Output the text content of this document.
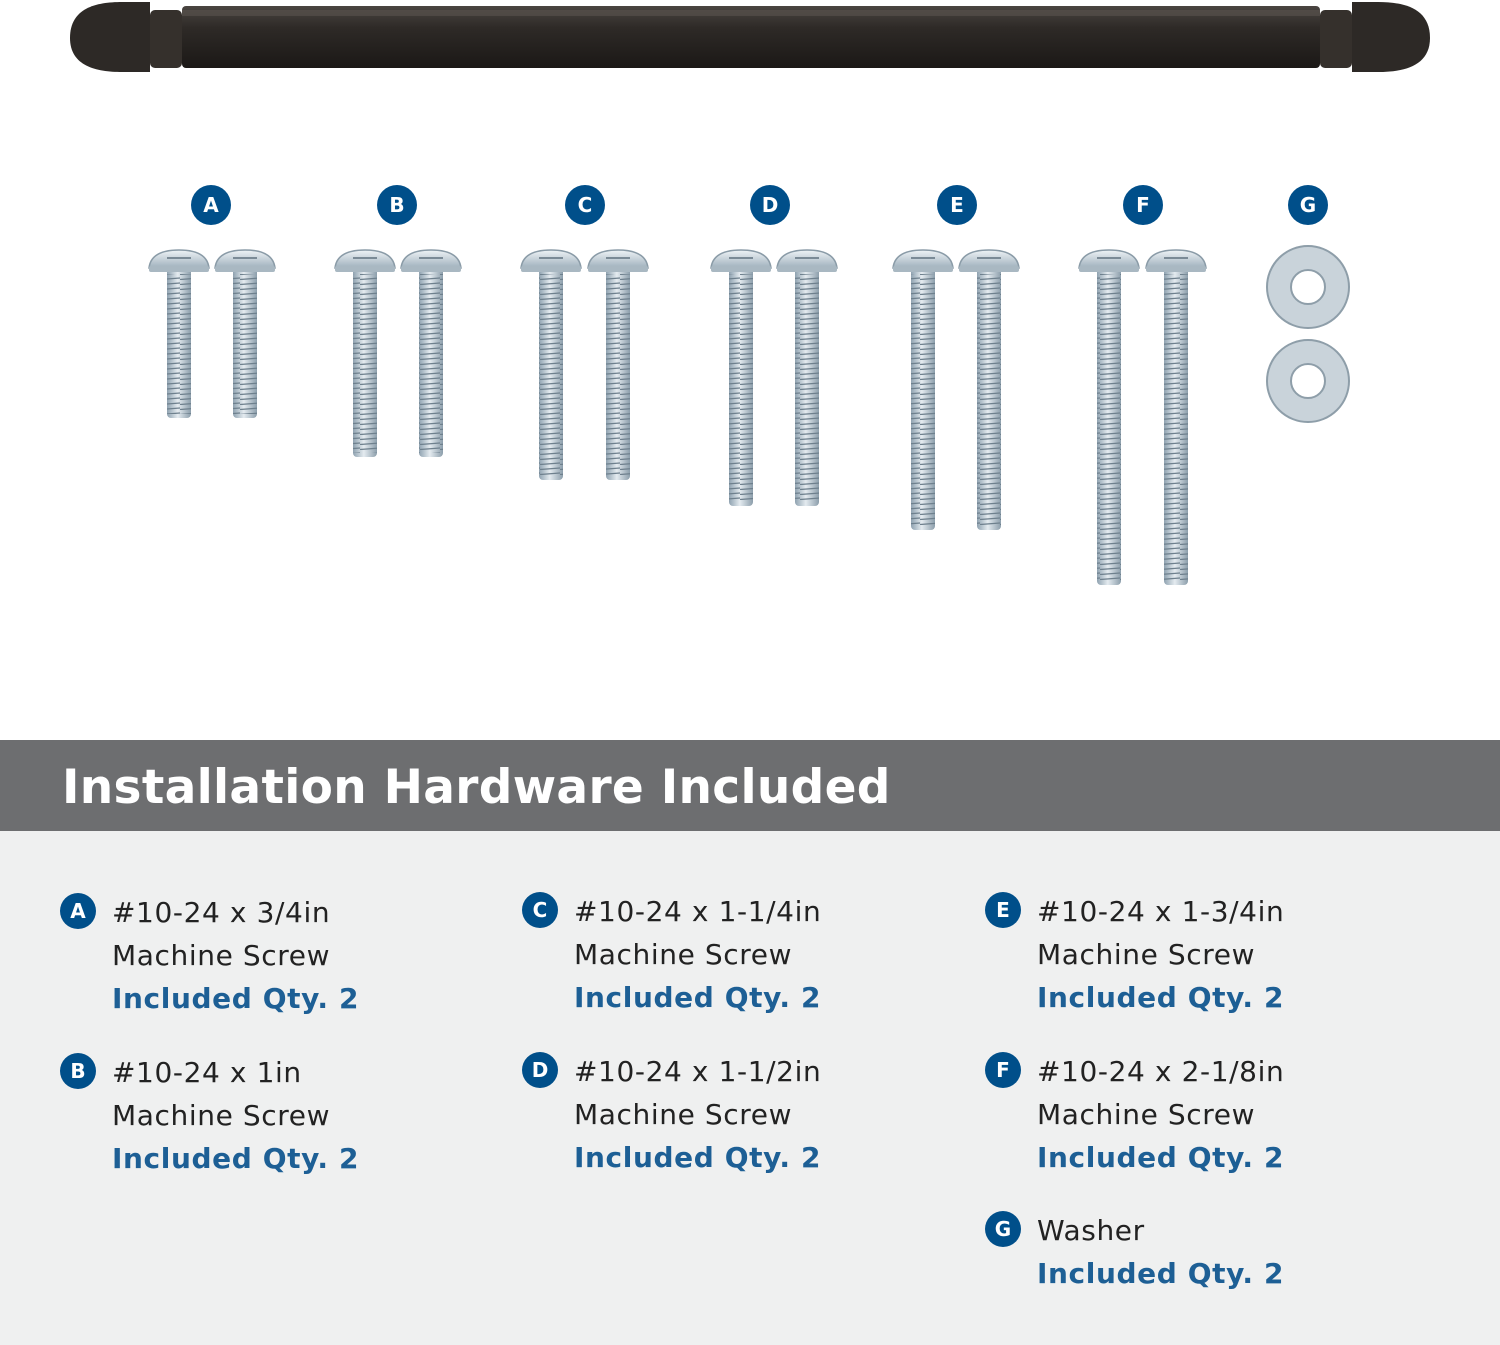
A	B	C	D	E	F	G
Installation Hardware Included
A #10-24 x 3/4in
Machine Screw
Included Qty. 2
B #10-24 x 1in
Machine Screw
Included Qty. 2
C #10-24 x 1-1/4in
Machine Screw
Included Qty. 2
D #10-24 x 1-1/2in
Machine Screw
Included Qty. 2
E #10-24 x 1-3/4in
Machine Screw
Included Qty. 2
F #10-24 x 2-1/8in
Machine Screw
Included Qty. 2
G Washer
Included Qty. 2
